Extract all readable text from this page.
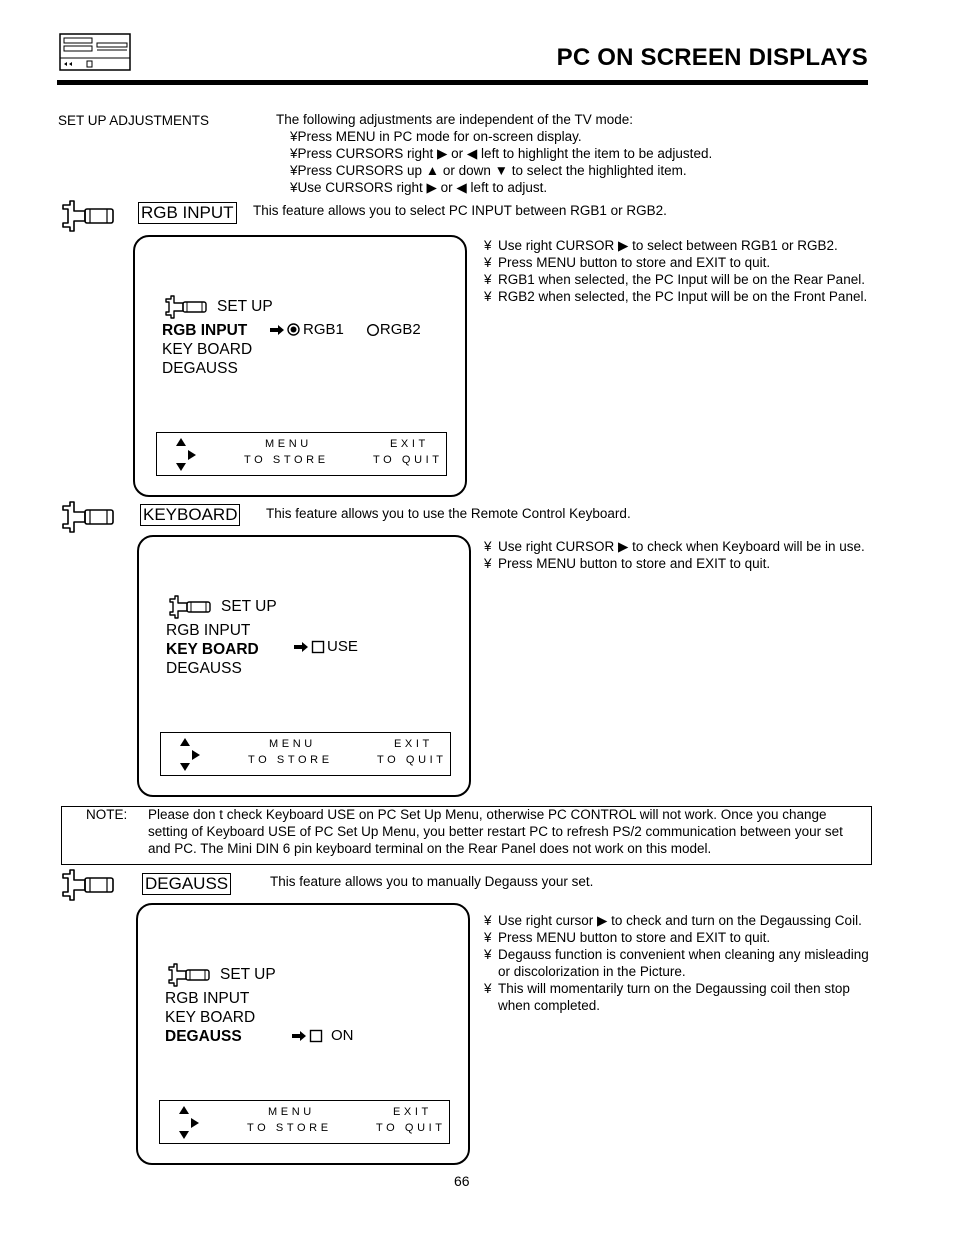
PC ON SCREEN DISPLAYS
SET UP ADJUSTMENTS	The following adjustments are independent of the TV mode:
¥Press MENU in PC mode for on-screen display.
¥Press CURSORS right ▶ or ◀ left to highlight the item to be adjusted.
¥Press CURSORS up ▲ or down ▼ to select the highlighted item.
¥Use CURSORS right ▶ or ◀ left to adjust.
RGB INPUT This feature allows you to select PC INPUT between RGB1 or RGB2.
SET UP
RGB INPUT
KEY BOARD
DEGAUSS
RGB1 RGB2
MENU
TO STORE
EXIT
TO QUIT
¥ Use right CURSOR ▶ to select between RGB1 or RGB2.
¥ Press MENU button to store and EXIT to quit.
¥ RGB1 when selected, the PC Input will be on the Rear Panel.
¥ RGB2 when selected, the PC Input will be on the Front Panel.
KEYBOARD This feature allows you to use the Remote Control Keyboard.
SET UP
RGB INPUT
KEY BOARD
DEGAUSS
USE
MENU
TO STORE
EXIT
TO QUIT
¥ Use right CURSOR ▶ to check when Keyboard will be in use.
¥ Press MENU button to store and EXIT to quit.
NOTE: Please don t check Keyboard USE on PC Set Up Menu, otherwise PC CONTROL will not work. Once you change setting of Keyboard USE of PC Set Up Menu, you better restart PC to refresh PS/2 communication between your set and PC. The Mini DIN 6 pin keyboard terminal on the Rear Panel does not work on this model.
DEGAUSS	This feature allows you to manually Degauss your set.
SET UP
RGB INPUT
KEY BOARD
DEGAUSS	ON
MENU
TO STORE
EXIT
TO QUIT
¥ Use right cursor ▶ to check and turn on the Degaussing Coil.
¥ Press MENU button to store and EXIT to quit.
¥ Degauss function is convenient when cleaning any misleading or discolorization in the Picture.
¥ This will momentarily turn on the Degaussing coil then stop when completed.
66
